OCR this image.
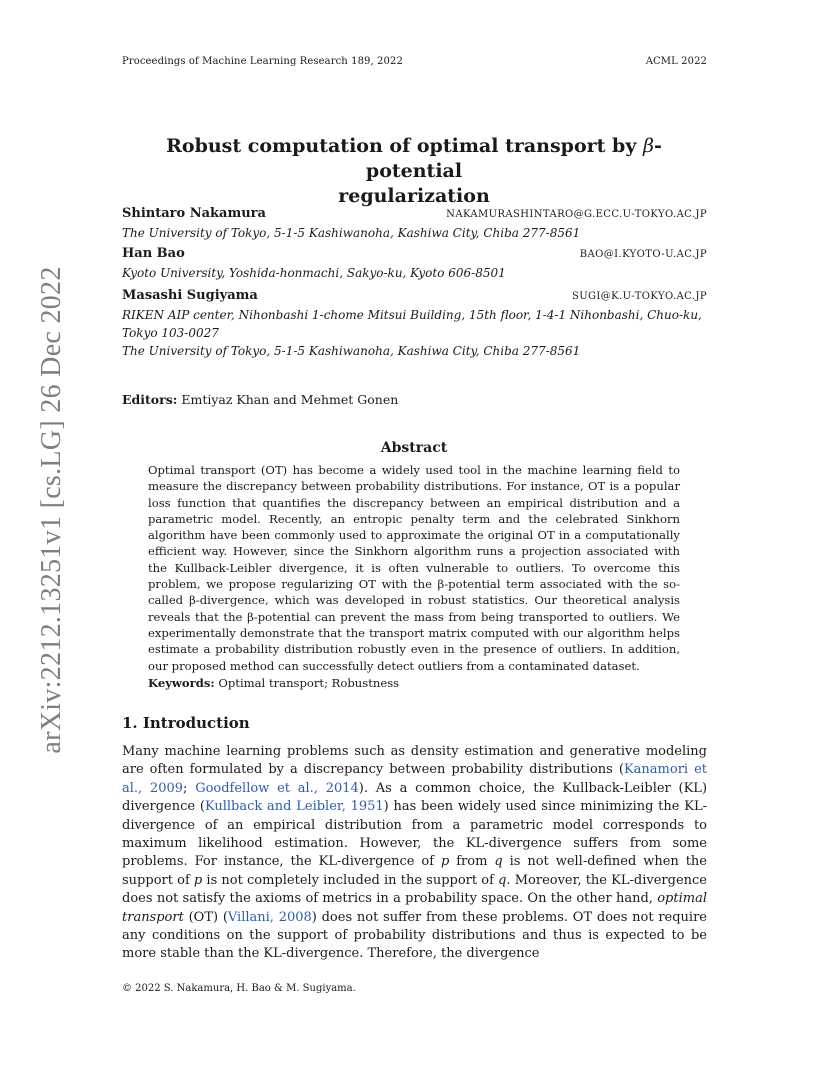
Proceedings of Machine Learning Research 189, 2022	ACML 2022
arXiv:2212.13251v1 [cs.LG] 26 Dec 2022
Robust computation of optimal transport by β-potential
regularization
Shintaro Nakamura	NAKAMURASHINTARO@G.ECC.U-TOKYO.AC.JP
The University of Tokyo, 5-1-5 Kashiwanoha, Kashiwa City, Chiba 277-8561
Han Bao	BAO@I.KYOTO-U.AC.JP
Kyoto University, Yoshida-honmachi, Sakyo-ku, Kyoto 606-8501
Masashi Sugiyama	SUGI@K.U-TOKYO.AC.JP
RIKEN AIP center, Nihonbashi 1-chome Mitsui Building, 15th floor, 1-4-1 Nihonbashi, Chuo-ku,
Tokyo 103-0027
The University of Tokyo, 5-1-5 Kashiwanoha, Kashiwa City, Chiba 277-8561
Editors: Emtiyaz Khan and Mehmet Gonen
Abstract
Optimal transport (OT) has become a widely used tool in the machine learning field to measure the discrepancy between probability distributions. For instance, OT is a popular loss function that quantifies the discrepancy between an empirical distribution and a parametric model. Recently, an entropic penalty term and the celebrated Sinkhorn algorithm have been commonly used to approximate the original OT in a computationally efficient way. However, since the Sinkhorn algorithm runs a projection associated with the Kullback-Leibler divergence, it is often vulnerable to outliers. To overcome this problem, we propose regularizing OT with the β-potential term associated with the so-called β-divergence, which was developed in robust statistics. Our theoretical analysis reveals that the β-potential can prevent the mass from being transported to outliers. We experimentally demonstrate that the transport matrix computed with our algorithm helps estimate a probability distribution robustly even in the presence of outliers. In addition, our proposed method can successfully detect outliers from a contaminated dataset.
Keywords: Optimal transport; Robustness
1. Introduction
Many machine learning problems such as density estimation and generative modeling are often formulated by a discrepancy between probability distributions (Kanamori et al., 2009; Goodfellow et al., 2014). As a common choice, the Kullback-Leibler (KL) divergence (Kullback and Leibler, 1951) has been widely used since minimizing the KL-divergence of an empirical distribution from a parametric model corresponds to maximum likelihood estimation. However, the KL-divergence suffers from some problems. For instance, the KL-divergence of p from q is not well-defined when the support of p is not completely included in the support of q. Moreover, the KL-divergence does not satisfy the axioms of metrics in a probability space. On the other hand, optimal transport (OT) (Villani, 2008) does not suffer from these problems. OT does not require any conditions on the support of probability distributions and thus is expected to be more stable than the KL-divergence. Therefore, the divergence
© 2022 S. Nakamura, H. Bao & M. Sugiyama.
